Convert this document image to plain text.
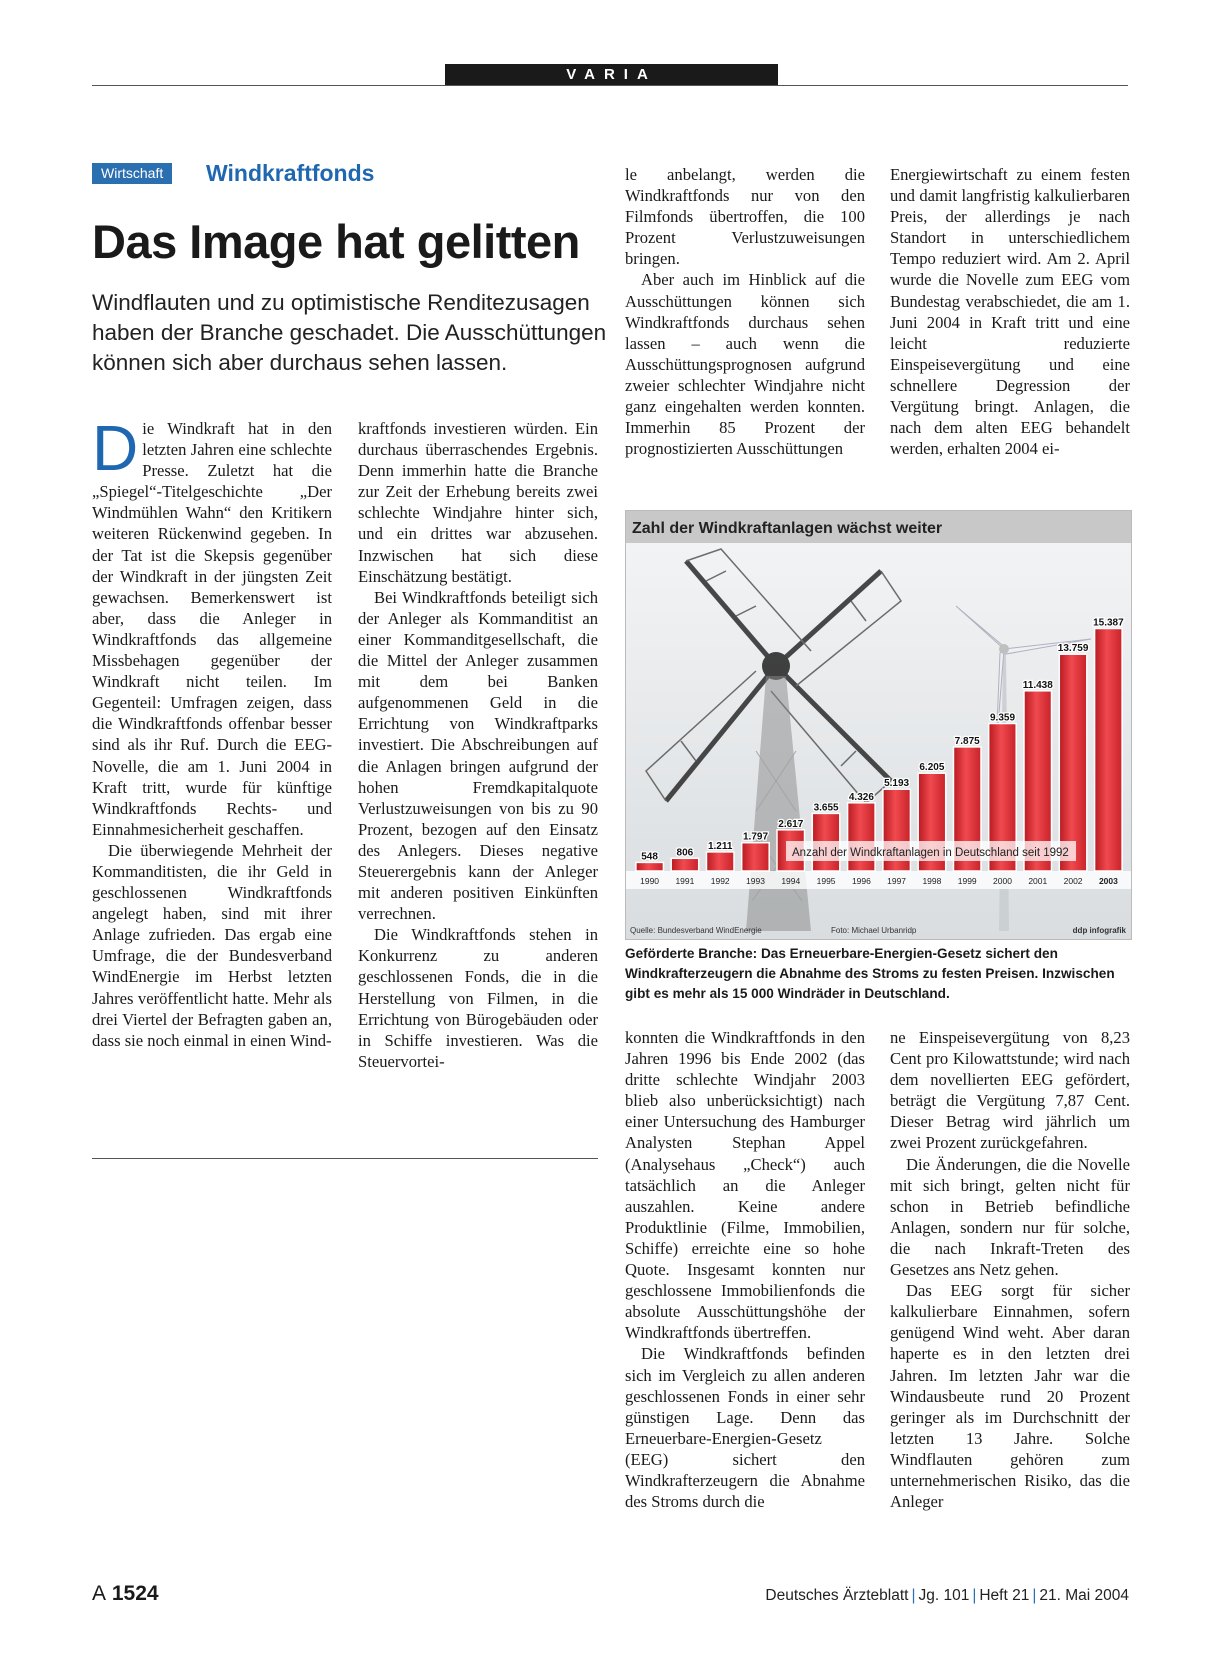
VARIA
Wirtschaft	Windkraftfonds
Das Image hat gelitten

Windflauten und zu optimistische Renditezusagen haben der Branche geschadet. Die Ausschüttungen können sich aber durchaus sehen lassen.

Die Windkraft hat in den letzten Jahren eine schlechte Presse. Zuletzt hat die „Spiegel“-Titelgeschichte „Der Windmühlen Wahn“ den Kritikern weiteren Rückenwind gegeben. In der Tat ist die Skepsis gegenüber der Windkraft in der jüngsten Zeit gewachsen. Bemerkenswert ist aber, dass die Anleger in Windkraftfonds das allgemeine Missbehagen gegenüber der Windkraft nicht teilen. Im Gegenteil: Umfragen zeigen, dass die Windkraftfonds offenbar besser sind als ihr Ruf. Durch die EEG-Novelle, die am 1. Juni 2004 in Kraft tritt, wurde für künftige Windkraftfonds Rechts- und Einnahmesicherheit geschaffen.

Die überwiegende Mehrheit der Kommanditisten, die ihr Geld in geschlossenen Windkraftfonds angelegt haben, sind mit ihrer Anlage zufrieden. Das ergab eine Umfrage, die der Bundesverband WindEnergie im Herbst letzten Jahres veröffentlicht hatte. Mehr als drei Viertel der Befragten gaben an, dass sie noch einmal in einen Wind-

kraftfonds investieren würden. Ein durchaus überraschendes Ergebnis. Denn immerhin hatte die Branche zur Zeit der Erhebung bereits zwei schlechte Windjahre hinter sich, und ein drittes war abzusehen. Inzwischen hat sich diese Einschätzung bestätigt.

Bei Windkraftfonds beteiligt sich der Anleger als Kommanditist an einer Kommanditgesellschaft, die die Mittel der Anleger zusammen mit dem bei Banken aufgenommenen Geld in die Errichtung von Windkraftparks investiert. Die Abschreibungen auf die Anlagen bringen aufgrund der hohen Fremdkapitalquote Verlustzuweisungen von bis zu 90 Prozent, bezogen auf den Einsatz des Anlegers. Dieses negative Steuerergebnis kann der Anleger mit anderen positiven Einkünften verrechnen.

Die Windkraftfonds stehen in Konkurrenz zu anderen geschlossenen Fonds, die in die Herstellung von Filmen, in die Errichtung von Bürogebäuden oder in Schiffe investieren. Was die Steuervortei-

le anbelangt, werden die Windkraftfonds nur von den Filmfonds übertroffen, die 100 Prozent Verlustzuweisungen bringen.

Aber auch im Hinblick auf die Ausschüttungen können sich Windkraftfonds durchaus sehen lassen – auch wenn die Ausschüttungsprognosen aufgrund zweier schlechter Windjahre nicht ganz eingehalten werden konnten. Immerhin 85 Prozent der prognostizierten Ausschüttungen

Energiewirtschaft zu einem festen und damit langfristig kalkulierbaren Preis, der allerdings je nach Standort in unterschiedlichem Tempo reduziert wird. Am 2. April wurde die Novelle zum EEG vom Bundestag verabschiedet, die am 1. Juni 2004 in Kraft tritt und eine leicht reduzierte Einspeisevergütung und eine schnellere Degression der Vergütung bringt. Anlagen, die nach dem alten EEG behandelt werden, erhalten 2004 ei-

Zahl der Windkraftanlagen wächst weiter
548 806
1.211
1.797
2.617
3.655
4.326
5.193
6.205
7.875
9.359
11.438
13.759
15.387
1990 1991 1992 1993 1994 1995 1996 1997 1998 1999 2000 2001 2002 2003
Anzahl der Windkraftanlagen in Deutschland seit 1992
Quelle: Bundesverband WindEnergie	Foto: Michael Urbanridp	ddp infografik
Geförderte Branche: Das Erneuerbare-Energien-Gesetz sichert den Windkrafterzeugern die Abnahme des Stroms zu festen Preisen. Inzwischen gibt es mehr als 15 000 Windräder in Deutschland.

konnten die Windkraftfonds in den Jahren 1996 bis Ende 2002 (das dritte schlechte Windjahr 2003 blieb also unberücksichtigt) nach einer Untersuchung des Hamburger Analysten Stephan Appel (Analysehaus „Check“) auch tatsächlich an die Anleger auszahlen. Keine andere Produktlinie (Filme, Immobilien, Schiffe) erreichte eine so hohe Quote. Insgesamt konnten nur geschlossene Immobilienfonds die absolute Ausschüttungshöhe der Windkraftfonds übertreffen.

Die Windkraftfonds befinden sich im Vergleich zu allen anderen geschlossenen Fonds in einer sehr günstigen Lage. Denn das Erneuerbare-Energien-Gesetz (EEG) sichert den Windkrafterzeugern die Abnahme des Stroms durch die

ne Einspeisevergütung von 8,23 Cent pro Kilowattstunde; wird nach dem novellierten EEG gefördert, beträgt die Vergütung 7,87 Cent. Dieser Betrag wird jährlich um zwei Prozent zurückgefahren.

Die Änderungen, die die Novelle mit sich bringt, gelten nicht für schon in Betrieb befindliche Anlagen, sondern nur für solche, die nach Inkraft-Treten des Gesetzes ans Netz gehen.

Das EEG sorgt für sicher kalkulierbare Einnahmen, sofern genügend Wind weht. Aber daran haperte es in den letzten drei Jahren. Im letzten Jahr war die Windausbeute rund 20 Prozent geringer als im Durchschnitt der letzten 13 Jahre. Solche Windflauten gehören zum unternehmerischen Risiko, das die Anleger

A 1524	Deutsches Ärzteblatt | Jg. 101 | Heft 21 | 21. Mai 2004
